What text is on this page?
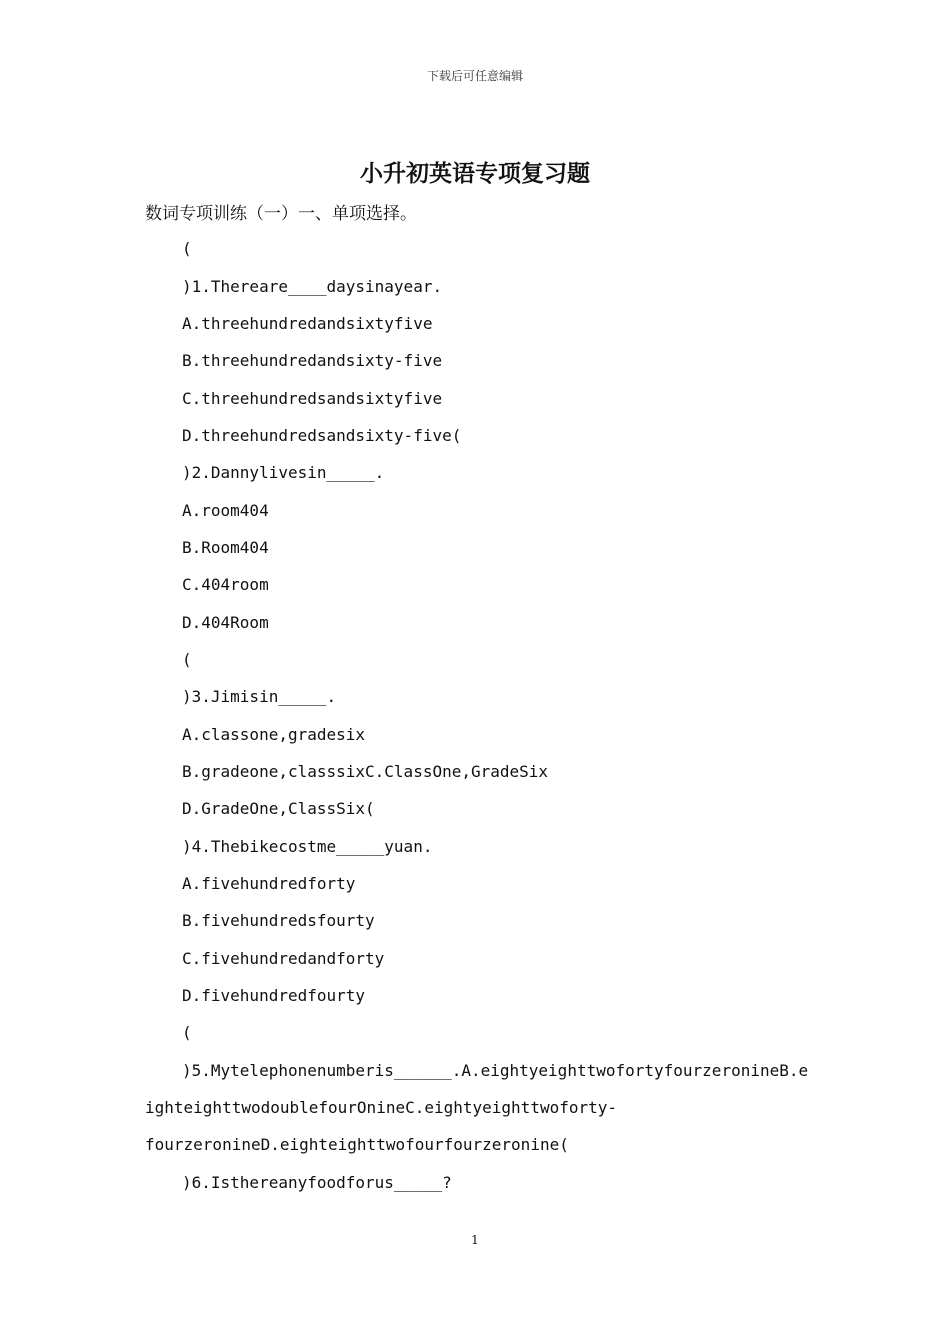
下载后可任意编辑
小升初英语专项复习题
数词专项训练（一）一、单项选择。
(
)1.Thereare____daysinayear.
A.threehundredandsixtyfive
B.threehundredandsixty-five
C.threehundredsandsixtyfive
D.threehundredsandsixty-five(
)2.Dannylivesin_____.
A.room404
B.Room404
C.404room
D.404Room
(
)3.Jimisin_____.
A.classone,gradesix
B.gradeone,classsixC.ClassOne,GradeSix
D.GradeOne,ClassSix(
)4.Thebikecostme_____yuan.
A.fivehundredforty
B.fivehundredsfourty
C.fivehundredandforty
D.fivehundredfourty
(
)5.Mytelephonenumberis______.A.eightyeighttwofortyfourzeronineB.e
ighteighttwodoublefourOnineC.eightyeighttwoforty-
fourzeronineD.eighteighttwofourfourzeronine(
)6.Isthereanyfoodforus_____?
1
